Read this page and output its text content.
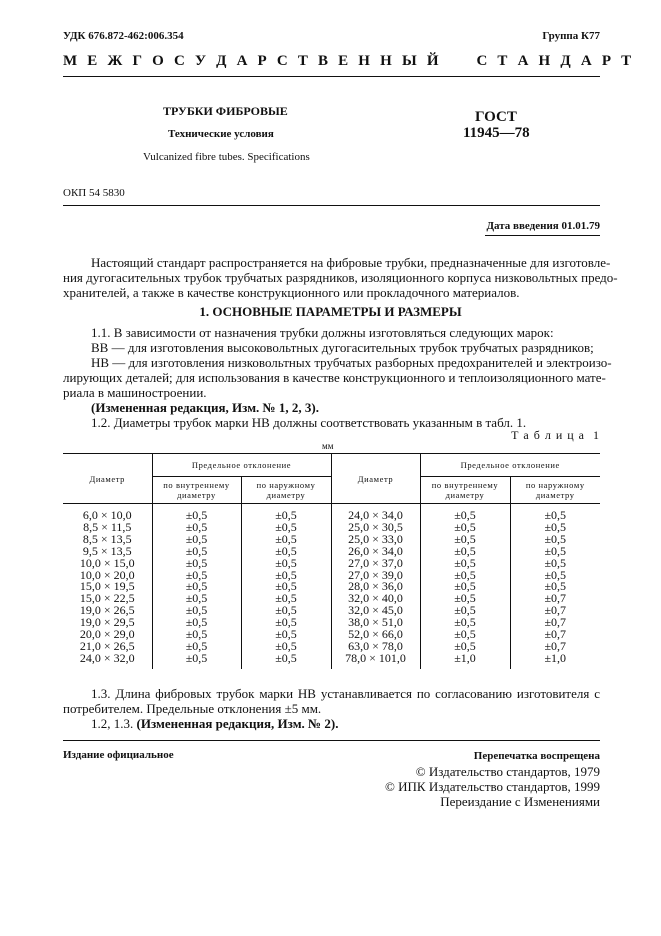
УДК 676.872-462:006.354	Группа К77
М Е Ж Г О С У Д А Р С Т В Е Н Н Ы Й     С Т А Н Д А Р Т
ТРУБКИ ФИБРОВЫЕ
Технические условия
Vulcanized fibre tubes. Specifications
ГОСТ
11945—78
ОКП 54 5830
Дата введения 01.01.79

Настоящий стандарт распространяется на фибровые трубки, предназначенные для изготовле-

ния дугогасительных трубок трубчатых разрядников, изоляционного корпуса низковольтных предо-

хранителей, а также в качестве конструкционного или прокладочного материалов.

1. ОСНОВНЫЕ ПАРАМЕТРЫ И РАЗМЕРЫ

1.1. В зависимости от назначения трубки должны изготовляться следующих марок:

ВВ — для изготовления высоковольтных дугогасительных трубок трубчатых разрядников;

НВ — для изготовления низковольтных трубчатых разборных предохранителей и электроизо-

лирующих деталей; для использования в качестве конструкционного и теплоизоляционного мате-

риала в машиностроении.

(Измененная редакция, Изм. № 1, 2, 3).

1.2. Диаметры трубок марки НВ должны соответствовать указанным в табл. 1.

Т а б л и ц а  1
мм
Диаметр	Предельное отклонение		Диаметр	Предельное отклонение	
	по внутреннему диаметру	по наружному диаметру		по внутреннему диаметру	по наружному диаметру
6,0 × 10,0	±0,5	±0,5	24,0 × 34,0	±0,5	±0,5
8,5 × 11,5	±0,5	±0,5	25,0 × 30,5	±0,5	±0,5
8,5 × 13,5	±0,5	±0,5	25,0 × 33,0	±0,5	±0,5
9,5 × 13,5	±0,5	±0,5	26,0 × 34,0	±0,5	±0,5
10,0 × 15,0	±0,5	±0,5	27,0 × 37,0	±0,5	±0,5
10,0 × 20,0	±0,5	±0,5	27,0 × 39,0	±0,5	±0,5
15,0 × 19,5	±0,5	±0,5	28,0 × 36,0	±0,5	±0,5
15,0 × 22,5	±0,5	±0,5	32,0 × 40,0	±0,5	±0,7
19,0 × 26,5	±0,5	±0,5	32,0 × 45,0	±0,5	±0,7
19,0 × 29,5	±0,5	±0,5	38,0 × 51,0	±0,5	±0,7
20,0 × 29,0	±0,5	±0,5	52,0 × 66,0	±0,5	±0,7
21,0 × 26,5	±0,5	±0,5	63,0 × 78,0	±0,5	±0,7
24,0 × 32,0	±0,5	±0,5	78,0 × 101,0	±1,0	±1,0

1.3. Длина фибровых трубок марки НВ устанавливается по согласованию изготовителя с

потребителем. Предельные отклонения ±5 мм.

1.2, 1.3. (Измененная редакция, Изм. № 2).

Издание официальное	Перепечатка воспрещена
© Издательство стандартов, 1979
© ИПК Издательство стандартов, 1999
Переиздание с Изменениями
